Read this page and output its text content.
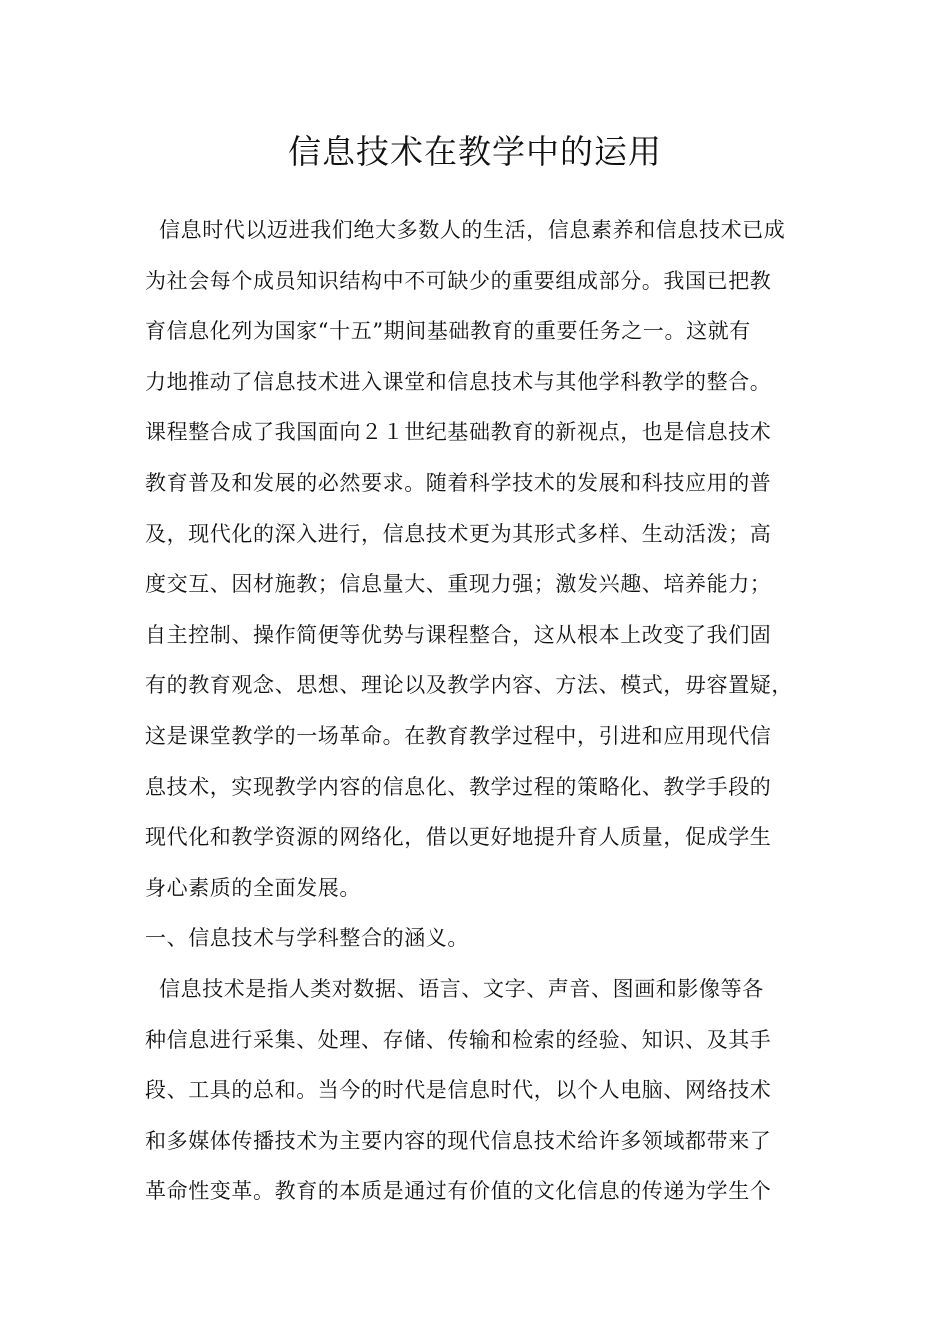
信息技术在教学中的运用
信息时代以迈进我们绝大多数人的生活，信息素养和信息技术已成
为社会每个成员知识结构中不可缺少的重要组成部分。我国已把教
育信息化列为国家“十五”期间基础教育的重要任务之一。这就有
力地推动了信息技术进入课堂和信息技术与其他学科教学的整合。
课程整合成了我国面向２１世纪基础教育的新视点，也是信息技术
教育普及和发展的必然要求。随着科学技术的发展和科技应用的普
及，现代化的深入进行，信息技术更为其形式多样、生动活泼；高
度交互、因材施教；信息量大、重现力强；激发兴趣、培养能力；
自主控制、操作简便等优势与课程整合，这从根本上改变了我们固
有的教育观念、思想、理论以及教学内容、方法、模式，毋容置疑，
这是课堂教学的一场革命。在教育教学过程中，引进和应用现代信
息技术，实现教学内容的信息化、教学过程的策略化、教学手段的
现代化和教学资源的网络化，借以更好地提升育人质量，促成学生
身心素质的全面发展。
一、信息技术与学科整合的涵义。
信息技术是指人类对数据、语言、文字、声音、图画和影像等各
种信息进行采集、处理、存储、传输和检索的经验、知识、及其手
段、工具的总和。当今的时代是信息时代，以个人电脑、网络技术
和多媒体传播技术为主要内容的现代信息技术给许多领域都带来了
革命性变革。教育的本质是通过有价值的文化信息的传递为学生个
